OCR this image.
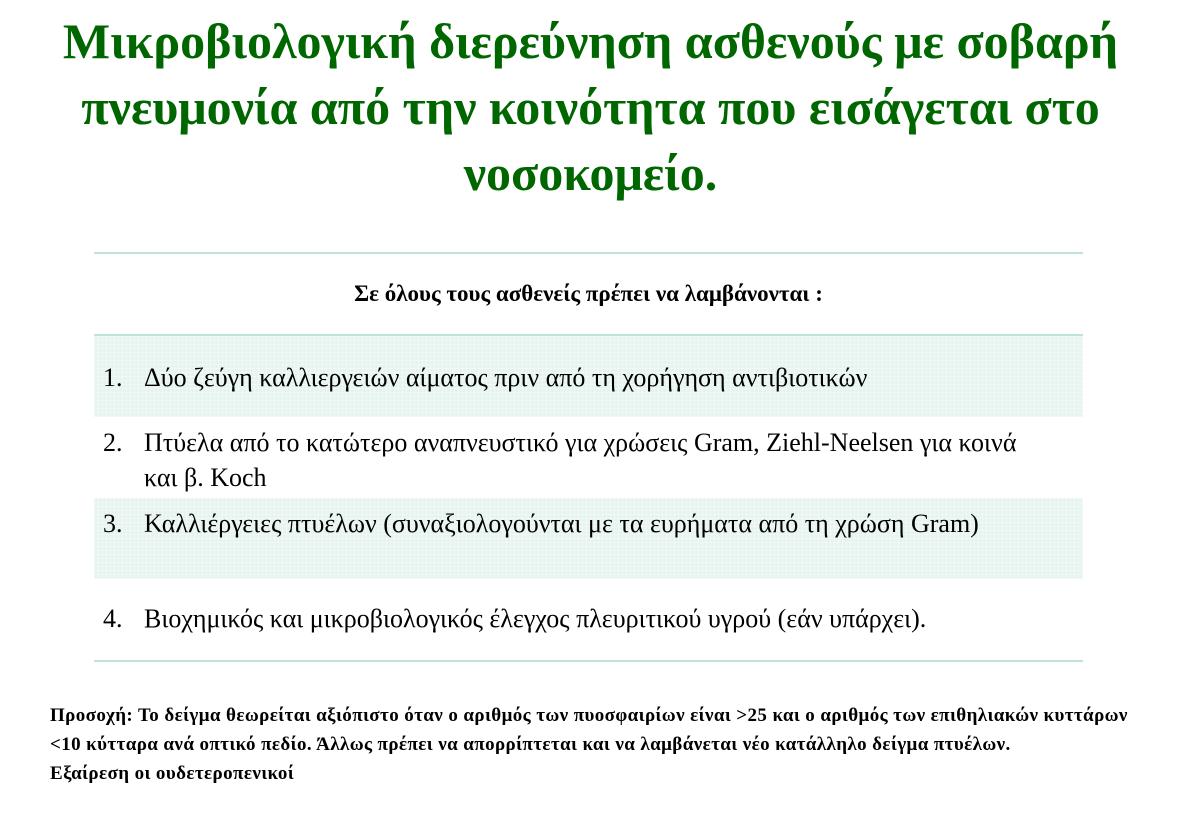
Μικροβιολογική διερεύνηση ασθενούς με σοβαρή πνευμονία από την κοινότητα που εισάγεται στο νοσοκομείο.
Σε όλους τους ασθενείς πρέπει να λαμβάνονται :
1. Δύο ζεύγη καλλιεργειών αίματος πριν από τη χορήγηση αντιβιοτικών
2. Πτύελα από το κατώτερο αναπνευστικό για χρώσεις Gram, Ziehl-Neelsen για κοινά και β. Koch
3. Καλλιέργειες πτυέλων (συναξιολογούνται με τα ευρήματα από τη χρώση Gram)
4. Βιοχημικός και μικροβιολογικός έλεγχος πλευριτικού υγρού (εάν υπάρχει).

Προσοχή: Το δείγμα θεωρείται αξιόπιστο όταν ο αριθμός των πυοσφαιρίων είναι >25 και ο αριθμός των επιθηλιακών κυττάρων <10 κύτταρα ανά οπτικό πεδίο. Άλλως πρέπει να απορρίπτεται και να λαμβάνεται νέο κατάλληλο δείγμα πτυέλων.

Εξαίρεση οι ουδετεροπενικοί
